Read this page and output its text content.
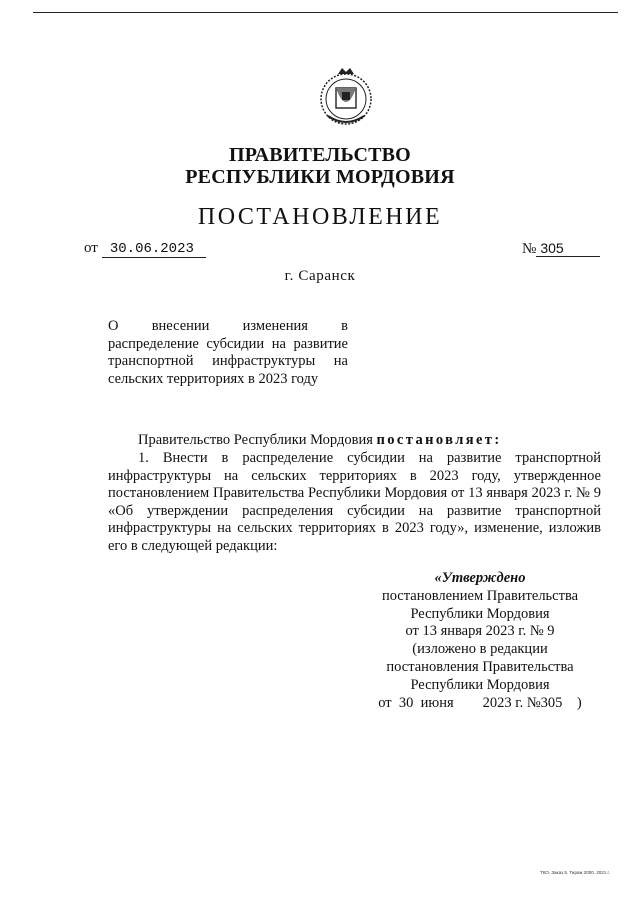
ПРАВИТЕЛЬСТВО
РЕСПУБЛИКИ МОРДОВИЯ
ПОСТАНОВЛЕНИЕ
от 30.06.2023	№ 305
г. Саранск
О внесении изменения в
распределение субсидии на развитие
транспортной инфраструктуры на
сельских территориях в 2023 году
Правительство Республики Мордовия постановляет:
1. Внести в распределение субсидии на развитие транспортной инфраструктуры на сельских территориях в 2023 году, утвержденное постановлением Правительства Республики Мордовия от 13 января 2023 г. № 9 «Об утверждении распределения субсидии на развитие транспортной инфраструктуры на сельских территориях в 2023 году», изменение, изложив его в следующей редакции:
«Утверждено
постановлением Правительства
Республики Мордовия
от 13 января 2023 г. № 9
(изложено в редакции
постановления Правительства
Республики Мордовия
от  30  июня        2023 г. №305    )
ТКО. Заказ 5. Тираж 2000. 2021 г.
